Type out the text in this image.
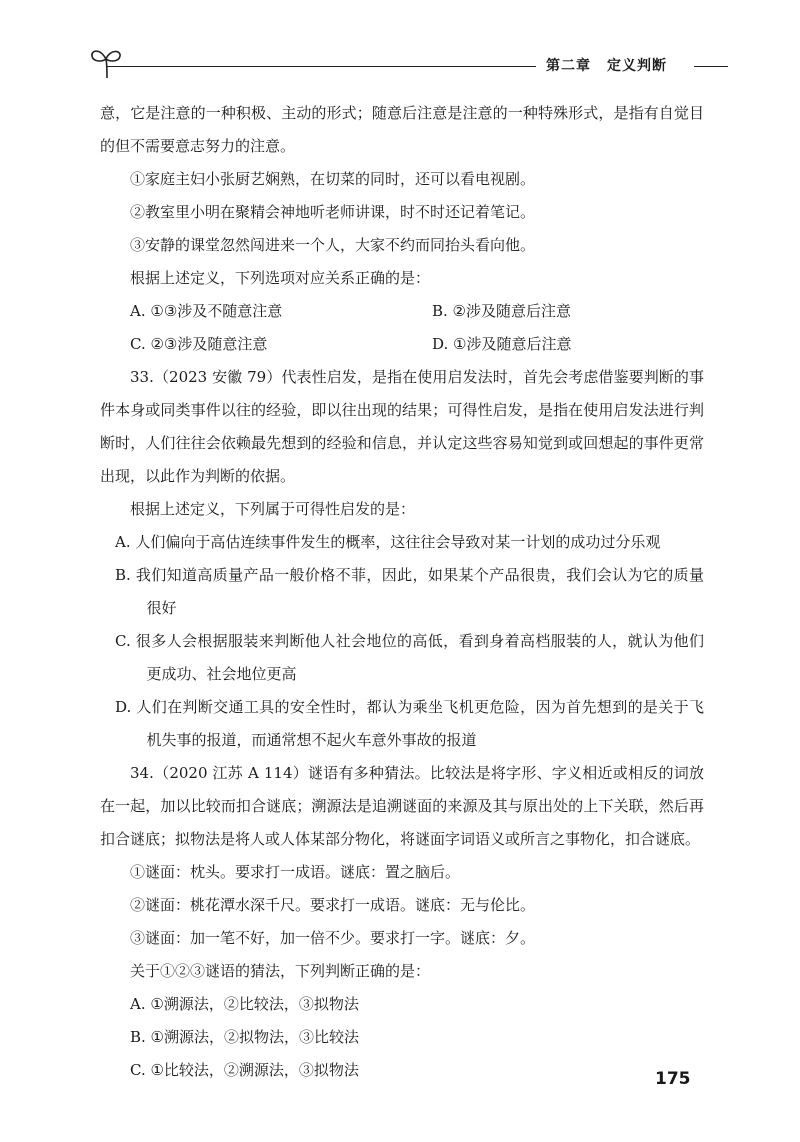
第二章 定义判断

意，它是注意的一种积极、主动的形式；随意后注意是注意的一种特殊形式，是指有自觉目的但不需要意志努力的注意。

①家庭主妇小张厨艺娴熟，在切菜的同时，还可以看电视剧。

②教室里小明在聚精会神地听老师讲课，时不时还记着笔记。

③安静的课堂忽然闯进来一个人，大家不约而同抬头看向他。

根据上述定义，下列选项对应关系正确的是：

A. ①③涉及不随意注意	B. ②涉及随意后注意
C. ②③涉及随意注意	D. ①涉及随意后注意

33.（2023 安徽 79）代表性启发，是指在使用启发法时，首先会考虑借鉴要判断的事件本身或同类事件以往的经验，即以往出现的结果；可得性启发，是指在使用启发法进行判断时，人们往往会依赖最先想到的经验和信息，并认定这些容易知觉到或回想起的事件更常出现，以此作为判断的依据。

根据上述定义，下列属于可得性启发的是：

A. 人们偏向于高估连续事件发生的概率，这往往会导致对某一计划的成功过分乐观

B. 我们知道高质量产品一般价格不菲，因此，如果某个产品很贵，我们会认为它的质量很好

C. 很多人会根据服装来判断他人社会地位的高低，看到身着高档服装的人，就认为他们更成功、社会地位更高

D. 人们在判断交通工具的安全性时，都认为乘坐飞机更危险，因为首先想到的是关于飞机失事的报道，而通常想不起火车意外事故的报道

34.（2020 江苏 A 114）谜语有多种猜法。比较法是将字形、字义相近或相反的词放在一起，加以比较而扣合谜底；溯源法是追溯谜面的来源及其与原出处的上下关联，然后再扣合谜底；拟物法是将人或人体某部分物化，将谜面字词语义或所言之事物化，扣合谜底。

①谜面：枕头。要求打一成语。谜底：置之脑后。

②谜面：桃花潭水深千尺。要求打一成语。谜底：无与伦比。

③谜面：加一笔不好，加一倍不少。要求打一字。谜底：夕。

关于①②③谜语的猜法，下列判断正确的是：

A. ①溯源法，②比较法，③拟物法

B. ①溯源法，②拟物法，③比较法

C. ①比较法，②溯源法，③拟物法	175
